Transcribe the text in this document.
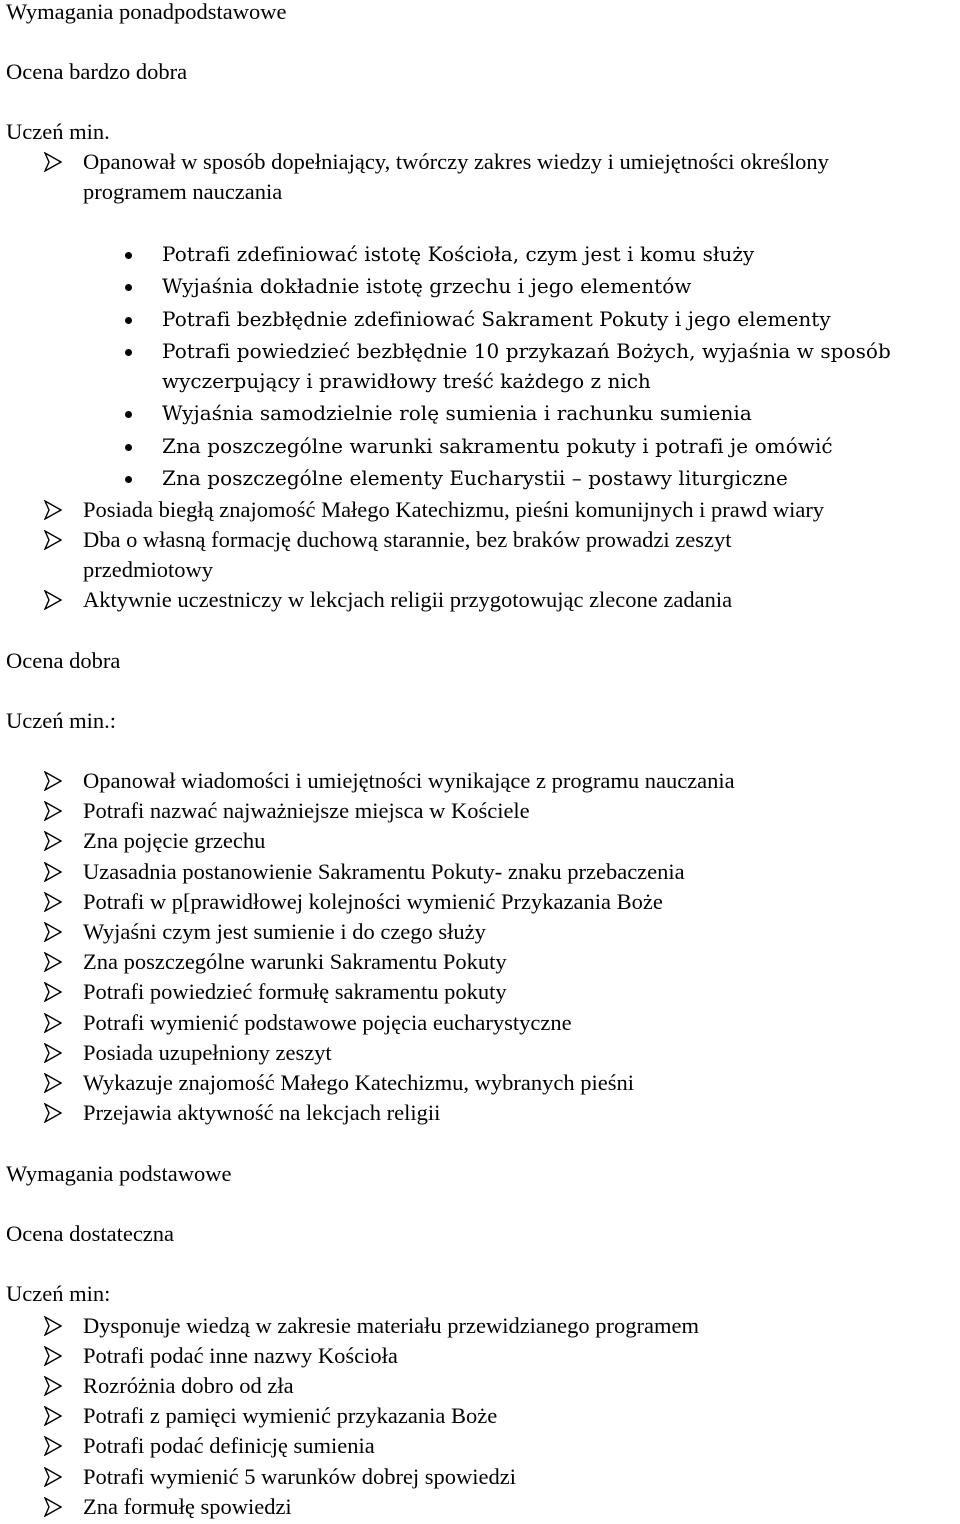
Wymagania ponadpodstawowe
Ocena bardzo dobra
Uczeń min.
Opanował w sposób dopełniający, twórczy zakres wiedzy i umiejętności określony
programem nauczania
Potrafi zdefiniować istotę Kościoła, czym jest i komu służy
Wyjaśnia dokładnie istotę grzechu i jego elementów
Potrafi bezbłędnie zdefiniować Sakrament Pokuty i jego elementy
Potrafi powiedzieć bezbłędnie 10 przykazań Bożych, wyjaśnia w sposób
wyczerpujący i prawidłowy treść każdego z nich
Wyjaśnia samodzielnie rolę sumienia i rachunku sumienia
Zna poszczególne warunki sakramentu pokuty i potrafi je omówić
Zna poszczególne elementy Eucharystii – postawy liturgiczne
Posiada biegłą znajomość Małego Katechizmu, pieśni komunijnych i prawd wiary
Dba o własną formację duchową starannie, bez braków prowadzi zeszyt
przedmiotowy
Aktywnie uczestniczy w lekcjach religii przygotowując zlecone zadania
Ocena dobra
Uczeń min.:
Opanował wiadomości i umiejętności wynikające z programu nauczania
Potrafi nazwać najważniejsze miejsca w Kościele
Zna pojęcie grzechu
Uzasadnia postanowienie Sakramentu Pokuty- znaku przebaczenia
Potrafi w p[prawidłowej kolejności wymienić Przykazania Boże
Wyjaśni czym jest sumienie i do czego służy
Zna poszczególne warunki Sakramentu Pokuty
Potrafi powiedzieć formułę sakramentu pokuty
Potrafi wymienić podstawowe pojęcia eucharystyczne
Posiada uzupełniony zeszyt
Wykazuje znajomość Małego Katechizmu, wybranych pieśni
Przejawia aktywność na lekcjach religii
Wymagania podstawowe
Ocena dostateczna
Uczeń min:
Dysponuje wiedzą w zakresie materiału przewidzianego programem
Potrafi podać inne nazwy Kościoła
Rozróżnia dobro od zła
Potrafi z pamięci wymienić przykazania Boże
Potrafi podać definicję sumienia
Potrafi wymienić 5 warunków dobrej spowiedzi
Zna formułę spowiedzi
